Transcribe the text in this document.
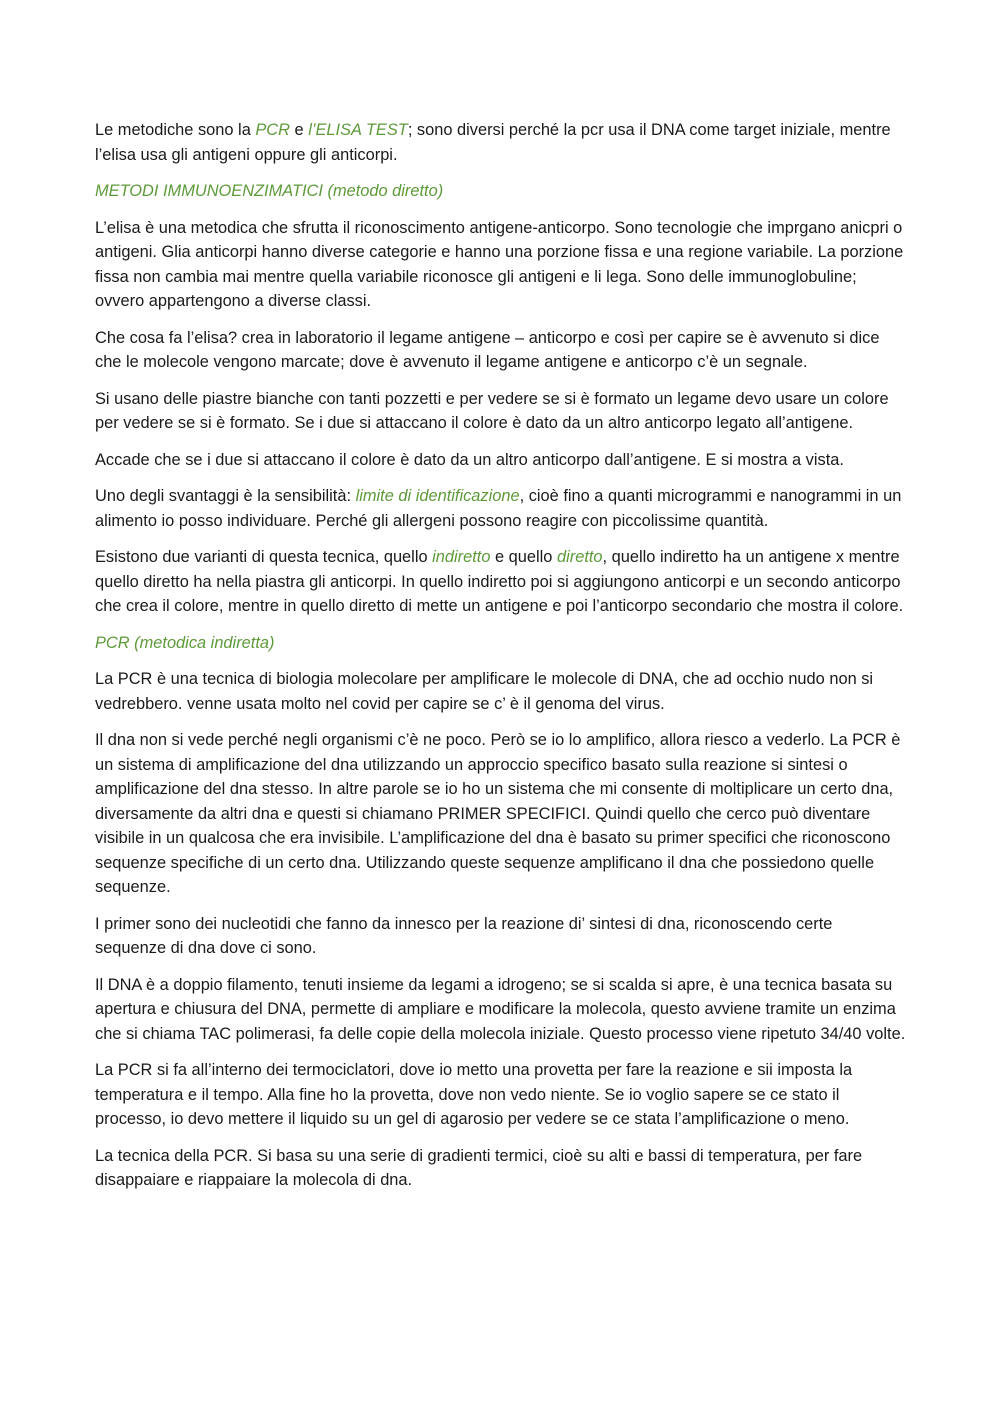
Le metodiche sono la PCR e l’ELISA TEST; sono diversi perché la pcr usa il DNA come target iniziale, mentre l’elisa usa gli antigeni oppure gli anticorpi.

METODI IMMUNOENZIMATICI (metodo diretto)

L’elisa è una metodica che sfrutta il riconoscimento antigene-anticorpo. Sono tecnologie che imprgano anicpri o antigeni. Glia anticorpi hanno diverse categorie e hanno una porzione fissa e una regione variabile. La porzione fissa non cambia mai mentre quella variabile riconosce gli antigeni e li lega. Sono delle immunoglobuline; ovvero appartengono a diverse classi.

Che cosa fa l’elisa? crea in laboratorio il legame antigene – anticorpo e così per capire se è avvenuto si dice che le molecole vengono marcate; dove è avvenuto il legame antigene e anticorpo c’è un segnale.

Si usano delle piastre bianche con tanti pozzetti e per vedere se si è formato un legame devo usare un colore per vedere se si è formato. Se i due si attaccano il colore è dato da un altro anticorpo legato all’antigene.

Accade che se i due si attaccano il colore è dato da un altro anticorpo dall’antigene. E si mostra a vista.

Uno degli svantaggi è la sensibilità: limite di identificazione, cioè fino a quanti microgrammi e nanogrammi in un alimento io posso individuare. Perché gli allergeni possono reagire con piccolissime quantità.

Esistono due varianti di questa tecnica, quello indiretto e quello diretto, quello indiretto ha un antigene x mentre quello diretto ha nella piastra gli anticorpi. In quello indiretto poi si aggiungono anticorpi e un secondo anticorpo che crea il colore, mentre in quello diretto di mette un antigene e poi l’anticorpo secondario che mostra il colore.

PCR (metodica indiretta)

La PCR è una tecnica di biologia molecolare per amplificare le molecole di DNA, che ad occhio nudo non si vedrebbero. venne usata molto nel covid per capire se c’ è il genoma del virus.

Il dna non si vede perché negli organismi c’è ne poco. Però se io lo amplifico, allora riesco a vederlo. La PCR è un sistema di amplificazione del dna utilizzando un approccio specifico basato sulla reazione si sintesi o amplificazione del dna stesso. In altre parole se io ho un sistema che mi consente di moltiplicare un certo dna, diversamente da altri dna e questi si chiamano PRIMER SPECIFICI. Quindi quello che cerco può diventare visibile in un qualcosa che era invisibile. L’amplificazione del dna è basato su primer specifici che riconoscono sequenze specifiche di un certo dna. Utilizzando queste sequenze amplificano il dna che possiedono quelle sequenze.

I primer sono dei nucleotidi che fanno da innesco per la reazione di’ sintesi di dna, riconoscendo certe sequenze di dna dove ci sono.

Il DNA è a doppio filamento, tenuti insieme da legami a idrogeno; se si scalda si apre, è una tecnica basata su apertura e chiusura del DNA, permette di ampliare e modificare la molecola, questo avviene tramite un enzima che si chiama TAC polimerasi, fa delle copie della molecola iniziale. Questo processo viene ripetuto 34/40 volte.

La PCR si fa all’interno dei termociclatori, dove io metto una provetta per fare la reazione e sii imposta la temperatura e il tempo. Alla fine ho la provetta, dove non vedo niente. Se io voglio sapere se ce stato il processo, io devo mettere il liquido su un gel di agarosio per vedere se ce stata l’amplificazione o meno.

La tecnica della PCR. Si basa su una serie di gradienti termici, cioè su alti e bassi di temperatura, per fare disappaiare e riappaiare la molecola di dna.
